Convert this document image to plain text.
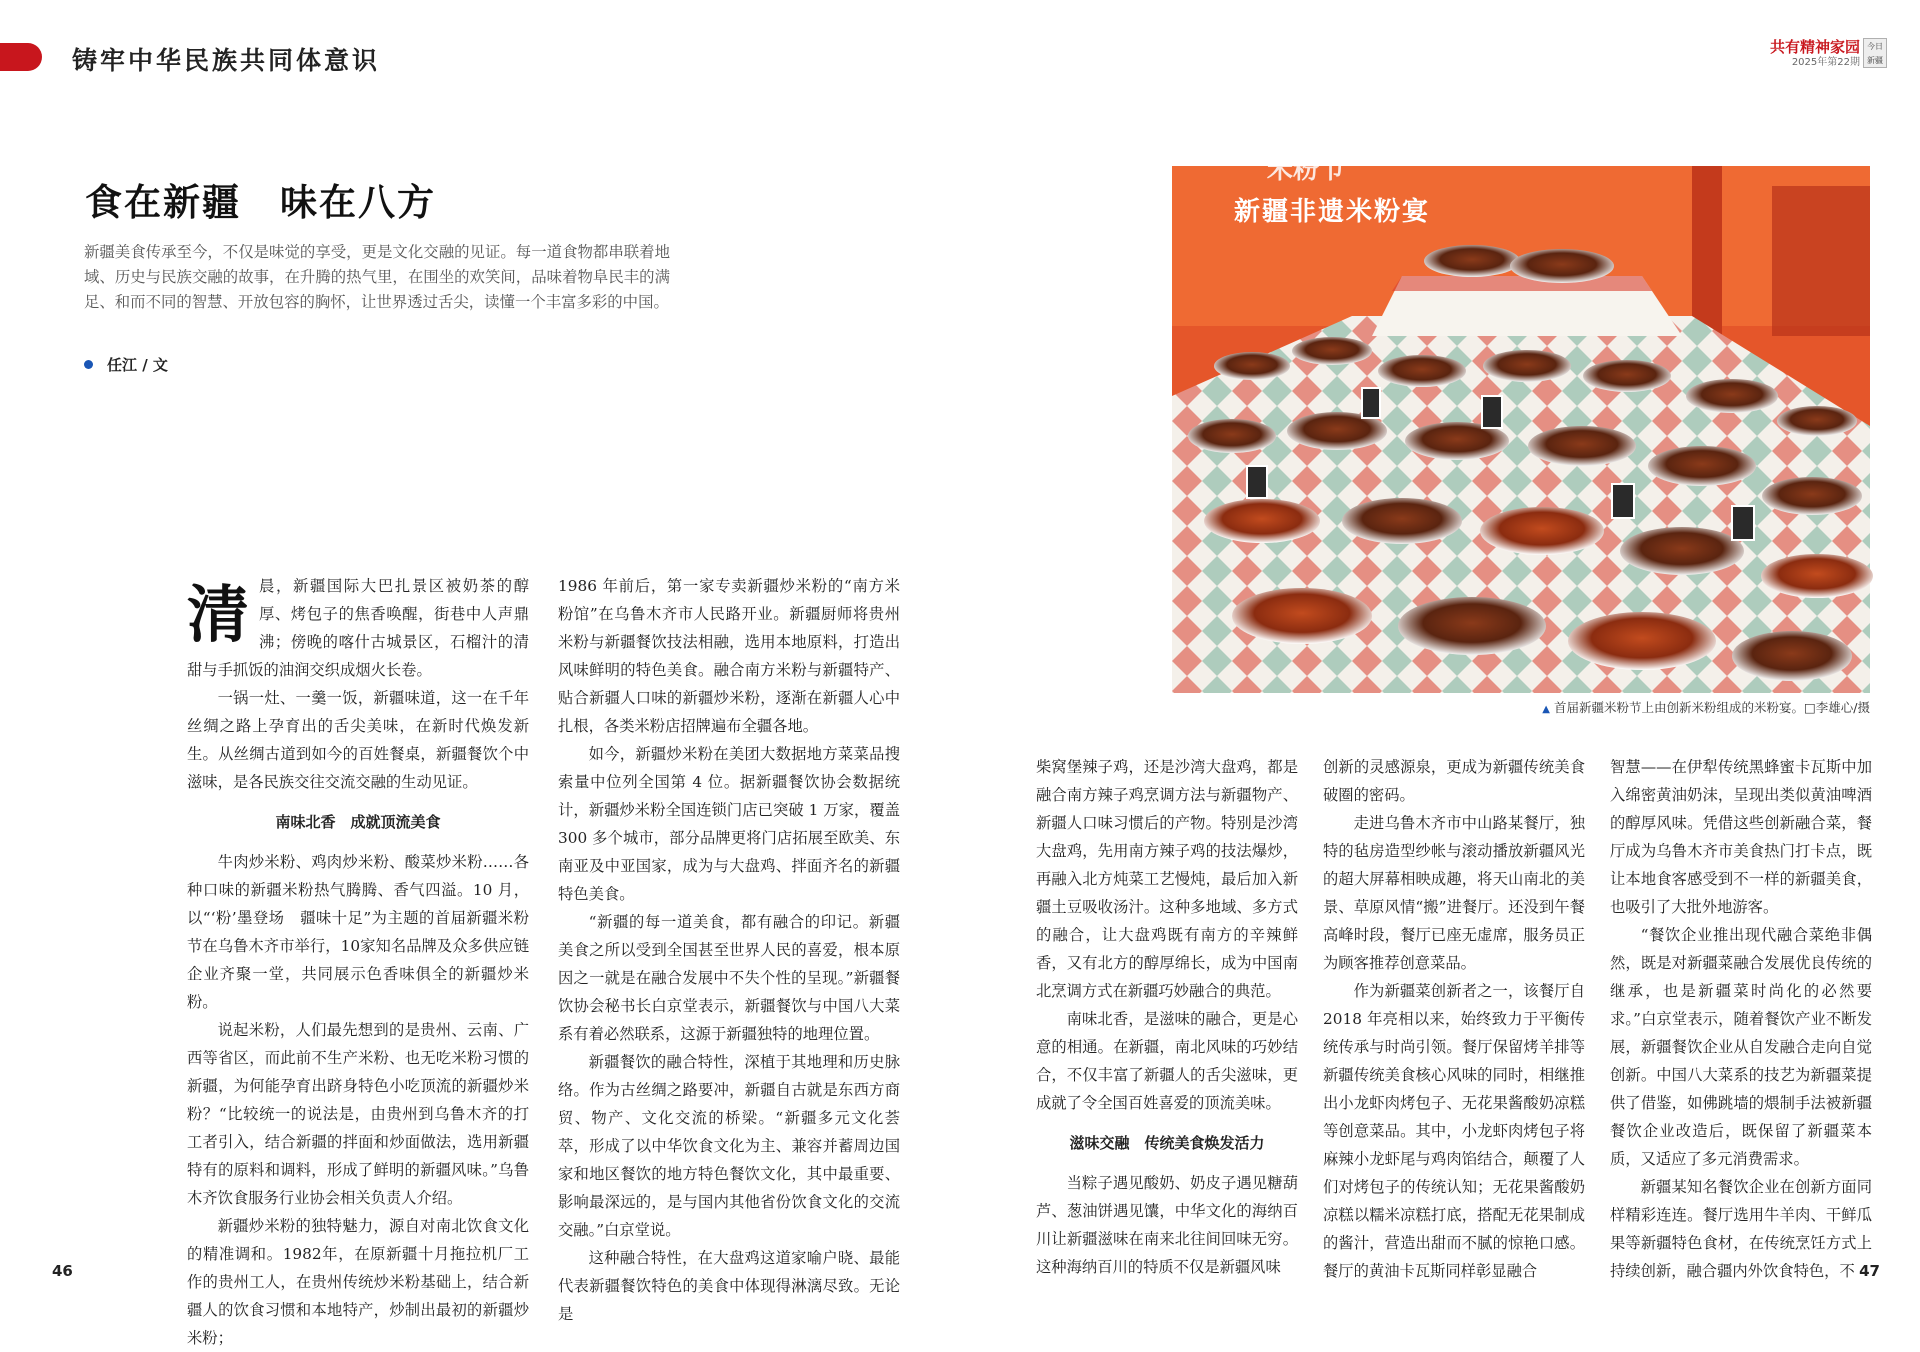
铸牢中华民族共同体意识	共有精神家园
2025年第22期
今日
新疆
食在新疆　味在八方

新疆美食传承至今，不仅是味觉的享受，更是文化交融的见证。每一道食物都串联着地域、历史与民族交融的故事，在升腾的热气里，在围坐的欢笑间，品味着物阜民丰的满足、和而不同的智慧、开放包容的胸怀，让世界透过舌尖，读懂一个丰富多彩的中国。

任江 / 文
米粉节
新疆非遗米粉宴
▲ 首届新疆米粉节上由创新米粉组成的米粉宴。□李雄心/摄
清 晨，新疆国际大巴扎景区被奶茶的醇厚、烤包子的焦香唤醒，街巷中人声鼎沸；傍晚的喀什古城景区，石榴汁的清甜与手抓饭的油润交织成烟火长卷。

一锅一灶、一羹一饭，新疆味道，这一在千年丝绸之路上孕育出的舌尖美味，在新时代焕发新生。从丝绸古道到如今的百姓餐桌，新疆餐饮个中滋味，是各民族交往交流交融的生动见证。

南味北香　成就顶流美食

牛肉炒米粉、鸡肉炒米粉、酸菜炒米粉……各种口味的新疆米粉热气腾腾、香气四溢。10 月，以“‘粉’墨登场　疆味十足”为主题的首届新疆米粉节在乌鲁木齐市举行，10家知名品牌及众多供应链企业齐聚一堂，共同展示色香味俱全的新疆炒米粉。

说起米粉，人们最先想到的是贵州、云南、广西等省区，而此前不生产米粉、也无吃米粉习惯的新疆，为何能孕育出跻身特色小吃顶流的新疆炒米粉？“比较统一的说法是，由贵州到乌鲁木齐的打工者引入，结合新疆的拌面和炒面做法，选用新疆特有的原料和调料，形成了鲜明的新疆风味。”乌鲁木齐饮食服务行业协会相关负责人介绍。

新疆炒米粉的独特魅力，源自对南北饮食文化的精准调和。1982年，在原新疆十月拖拉机厂工作的贵州工人，在贵州传统炒米粉基础上，结合新疆人的饮食习惯和本地特产，炒制出最初的新疆炒米粉；

1986 年前后，第一家专卖新疆炒米粉的“南方米粉馆”在乌鲁木齐市人民路开业。新疆厨师将贵州米粉与新疆餐饮技法相融，选用本地原料，打造出风味鲜明的特色美食。融合南方米粉与新疆特产、贴合新疆人口味的新疆炒米粉，逐渐在新疆人心中扎根，各类米粉店招牌遍布全疆各地。

如今，新疆炒米粉在美团大数据地方菜菜品搜索量中位列全国第 4 位。据新疆餐饮协会数据统计，新疆炒米粉全国连锁门店已突破 1 万家，覆盖 300 多个城市，部分品牌更将门店拓展至欧美、东南亚及中亚国家，成为与大盘鸡、拌面齐名的新疆特色美食。

“新疆的每一道美食，都有融合的印记。新疆美食之所以受到全国甚至世界人民的喜爱，根本原因之一就是在融合发展中不失个性的呈现。”新疆餐饮协会秘书长白京堂表示，新疆餐饮与中国八大菜系有着必然联系，这源于新疆独特的地理位置。

新疆餐饮的融合特性，深植于其地理和历史脉络。作为古丝绸之路要冲，新疆自古就是东西方商贸、物产、文化交流的桥梁。“新疆多元文化荟萃，形成了以中华饮食文化为主、兼容并蓄周边国家和地区餐饮的地方特色餐饮文化，其中最重要、影响最深远的，是与国内其他省份饮食文化的交流交融。”白京堂说。

这种融合特性，在大盘鸡这道家喻户晓、最能代表新疆餐饮特色的美食中体现得淋漓尽致。无论是

柴窝堡辣子鸡，还是沙湾大盘鸡，都是融合南方辣子鸡烹调方法与新疆物产、新疆人口味习惯后的产物。特别是沙湾大盘鸡，先用南方辣子鸡的技法爆炒，再融入北方炖菜工艺慢炖，最后加入新疆土豆吸收汤汁。这种多地域、多方式的融合，让大盘鸡既有南方的辛辣鲜香，又有北方的醇厚绵长，成为中国南北烹调方式在新疆巧妙融合的典范。

南味北香，是滋味的融合，更是心意的相通。在新疆，南北风味的巧妙结合，不仅丰富了新疆人的舌尖滋味，更成就了令全国百姓喜爱的顶流美味。

滋味交融　传统美食焕发活力

当粽子遇见酸奶、奶皮子遇见糖葫芦、葱油饼遇见馕，中华文化的海纳百川让新疆滋味在南来北往间回味无穷。这种海纳百川的特质不仅是新疆风味

创新的灵感源泉，更成为新疆传统美食破圈的密码。

走进乌鲁木齐市中山路某餐厅，独特的毡房造型纱帐与滚动播放新疆风光的超大屏幕相映成趣，将天山南北的美景、草原风情“搬”进餐厅。还没到午餐高峰时段，餐厅已座无虚席，服务员正为顾客推荐创意菜品。

作为新疆菜创新者之一，该餐厅自 2018 年亮相以来，始终致力于平衡传统传承与时尚引领。餐厅保留烤羊排等新疆传统美食核心风味的同时，相继推出小龙虾肉烤包子、无花果酱酸奶凉糕等创意菜品。其中，小龙虾肉烤包子将麻辣小龙虾尾与鸡肉馅结合，颠覆了人们对烤包子的传统认知；无花果酱酸奶凉糕以糯米凉糕打底，搭配无花果制成的酱汁，营造出甜而不腻的惊艳口感。餐厅的黄油卡瓦斯同样彰显融合

智慧——在伊犁传统黑蜂蜜卡瓦斯中加入绵密黄油奶沫，呈现出类似黄油啤酒的醇厚风味。凭借这些创新融合菜，餐厅成为乌鲁木齐市美食热门打卡点，既让本地食客感受到不一样的新疆美食，也吸引了大批外地游客。

“餐饮企业推出现代融合菜绝非偶然，既是对新疆菜融合发展优良传统的继承，也是新疆菜时尚化的必然要求。”白京堂表示，随着餐饮产业不断发展，新疆餐饮企业从自发融合走向自觉创新。中国八大菜系的技艺为新疆菜提供了借鉴，如佛跳墙的煨制手法被新疆餐饮企业改造后，既保留了新疆菜本质，又适应了多元消费需求。

新疆某知名餐饮企业在创新方面同样精彩连连。餐厅选用牛羊肉、干鲜瓜果等新疆特色食材，在传统烹饪方式上持续创新，融合疆内外饮食特色，不

46	47
